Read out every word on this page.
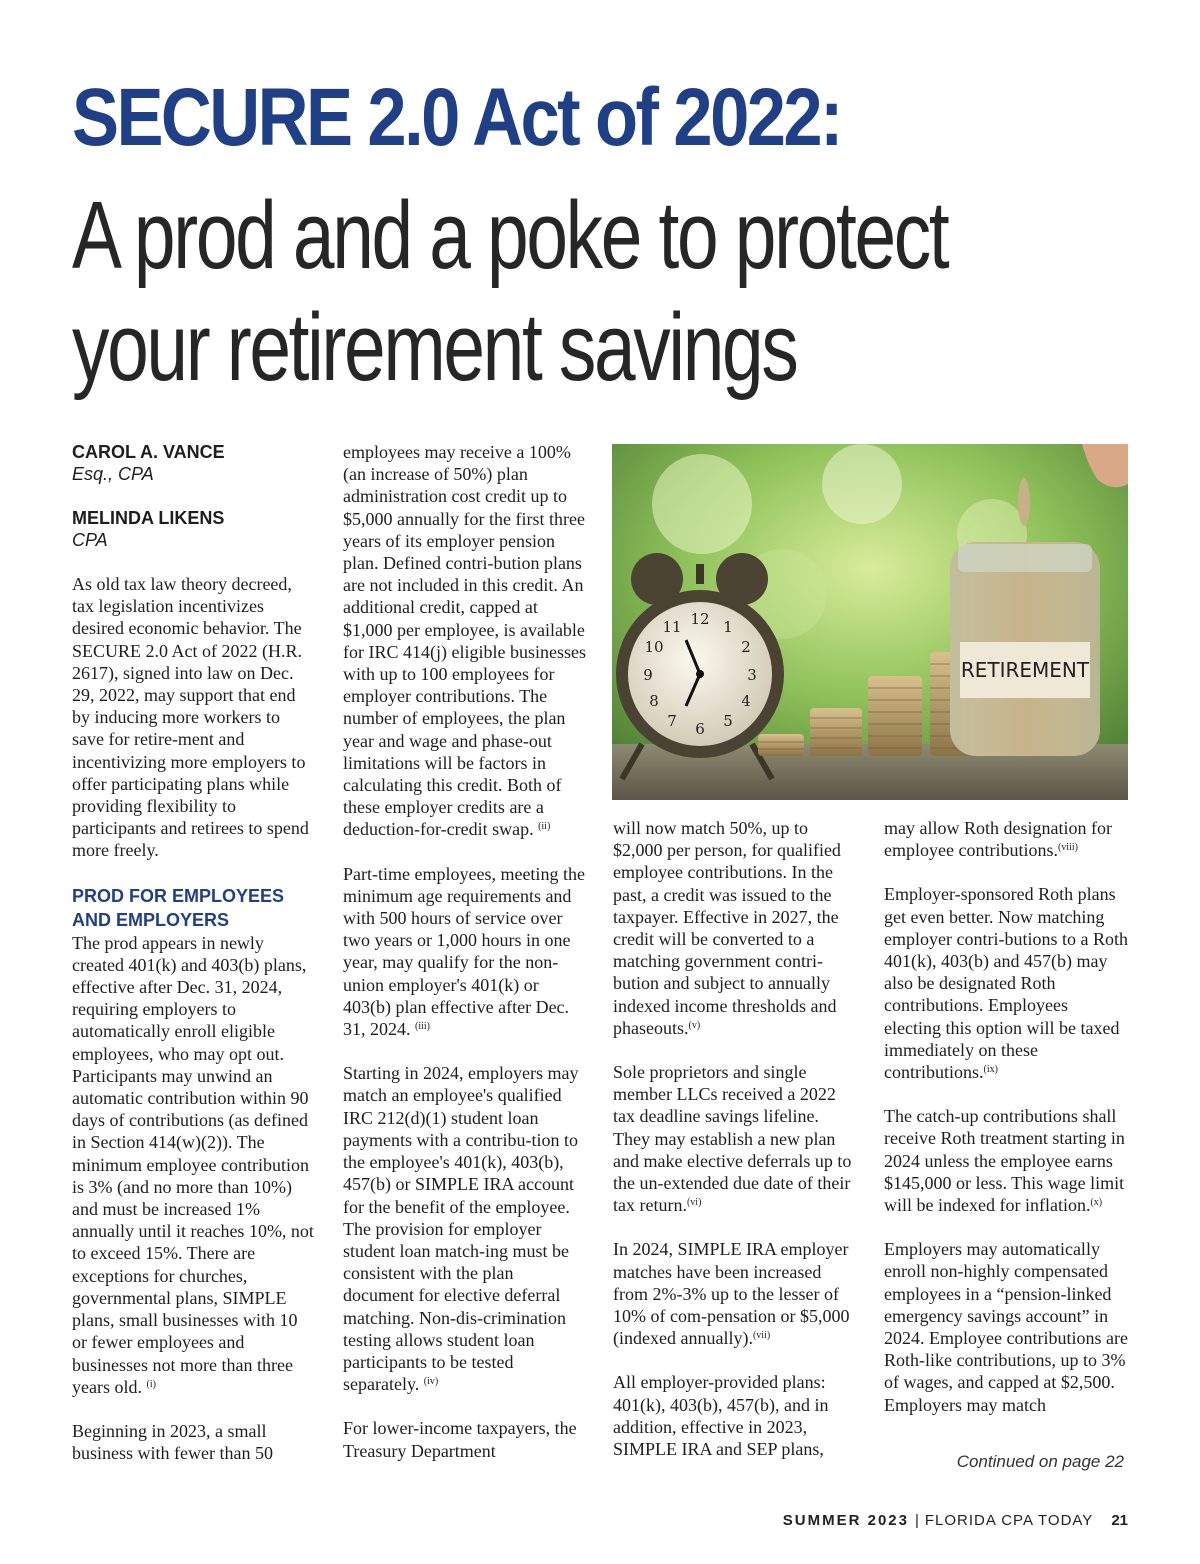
SECURE 2.0 Act of 2022:
A prod and a poke to protect
your retirement savings
CAROL A. VANCE
Esq., CPA
MELINDA LIKENS
CPA

As old tax law theory decreed, tax legislation incentivizes desired economic behavior. The SECURE 2.0 Act of 2022 (H.R. 2617), signed into law on Dec. 29, 2022, may support that end by inducing more workers to save for retire-ment and incentivizing more employers to offer participating plans while providing flexibility to participants and retirees to spend more freely.

PROD FOR EMPLOYEES
AND EMPLOYERS

The prod appears in newly created 401(k) and 403(b) plans, effective after Dec. 31, 2024, requiring employers to automatically enroll eligible employees, who may opt out. Participants may unwind an automatic contribution within 90 days of contributions (as defined in Section 414(w)(2)). The minimum employee contribution is 3% (and no more than 10%) and must be increased 1% annually until it reaches 10%, not to exceed 15%. There are exceptions for churches, governmental plans, SIMPLE plans, small businesses with 10 or fewer employees and businesses not more than three years old. $^{(i)}$

Beginning in 2023, a small business with fewer than 50

employees may receive a 100% (an increase of 50%) plan administration cost credit up to $5,000 annually for the first three years of its employer pension plan. Defined contri-bution plans are not included in this credit. An additional credit, capped at $1,000 per employee, is available for IRC 414(j) eligible businesses with up to 100 employees for employer contributions. The number of employees, the plan year and wage and phase-out limitations will be factors in calculating this credit. Both of these employer credits are a deduction-for-credit swap. $^{(ii)}$

Part-time employees, meeting the minimum age requirements and with 500 hours of service over two years or 1,000 hours in one year, may qualify for the non-union employer's 401(k) or 403(b) plan effective after Dec. 31, 2024. $^{(iii)}$

Starting in 2024, employers may match an employee's qualified IRC 212(d)(1) student loan payments with a contribu-tion to the employee's 401(k), 403(b), 457(b) or SIMPLE IRA account for the benefit of the employee. The provision for employer student loan match-ing must be consistent with the plan document for elective deferral matching. Non-dis-crimination testing allows student loan participants to be tested separately. $^{(iv)}$

For lower-income taxpayers, the Treasury Department

12 1
2
3
4
5
6
7
8
9
10
11
RETIREMENT

will now match 50%, up to $2,000 per person, for qualified employee contributions. In the past, a credit was issued to the taxpayer. Effective in 2027, the credit will be converted to a matching government contri-bution and subject to annually indexed income thresholds and phaseouts.$^{(v)}$

Sole proprietors and single member LLCs received a 2022 tax deadline savings lifeline. They may establish a new plan and make elective deferrals up to the un-extended due date of their tax return.$^{(vi)}$

In 2024, SIMPLE IRA employer matches have been increased from 2%-3% up to the lesser of 10% of com-pensation or $5,000 (indexed annually).$^{(vii)}$

All employer-provided plans: 401(k), 403(b), 457(b), and in addition, effective in 2023, SIMPLE IRA and SEP plans,

may allow Roth designation for employee contributions.$^{(viii)}$

Employer-sponsored Roth plans get even better. Now matching employer contri-butions to a Roth 401(k), 403(b) and 457(b) may also be designated Roth contributions. Employees electing this option will be taxed immediately on these contributions.$^{(ix)}$

The catch-up contributions shall receive Roth treatment starting in 2024 unless the employee earns $145,000 or less. This wage limit will be indexed for inflation.$^{(x)}$

Employers may automatically enroll non-highly compensated employees in a “pension-linked emergency savings account” in 2024. Employee contributions are Roth-like contributions, up to 3% of wages, and capped at $2,500. Employers may match

Continued on page 22
SUMMER 2023 | FLORIDA CPA TODAY 21
